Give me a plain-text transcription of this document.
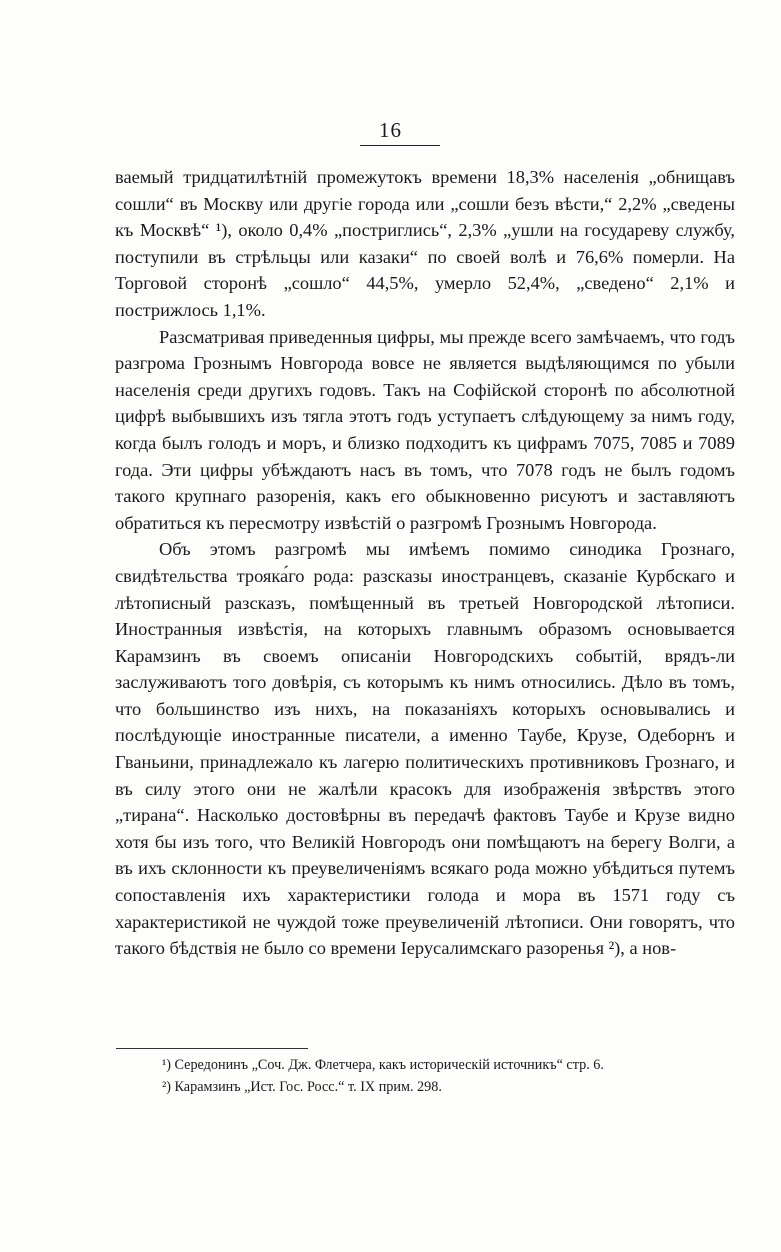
16

ваемый тридцатилѣтній промежутокъ времени 18,3% населенія „обнищавъ сошли“ въ Москву или другіе города или „сошли безъ вѣсти,“ 2,2% „сведены къ Москвѣ“ ¹), около 0,4% „постриглись“, 2,3% „ушли на государеву службу, поступили въ стрѣльцы или казаки“ по своей волѣ и 76,6% померли. На Торговой сторонѣ „сошло“ 44,5%, умерло 52,4%, „сведено“ 2,1% и пострижлось 1,1%.

Разсматривая приведенныя цифры, мы прежде всего замѣчаемъ, что годъ разгрома Грознымъ Новгорода вовсе не является выдѣляющимся по убыли населенія среди другихъ годовъ. Такъ на Софійской сторонѣ по абсолютной цифрѣ выбывшихъ изъ тягла этотъ годъ уступаетъ слѣдующему за нимъ году, когда былъ голодъ и моръ, и близко подходитъ къ цифрамъ 7075, 7085 и 7089 года. Эти цифры убѣждаютъ насъ въ томъ, что 7078 годъ не былъ годомъ такого крупнаго разоренія, какъ его обыкновенно рисуютъ и заставляютъ обратиться къ пересмотру извѣстій о разгромѣ Грознымъ Новгорода.

Объ этомъ разгромѣ мы имѣемъ помимо синодика Грознаго, свидѣтельства трояка́го рода: разсказы иностранцевъ, сказаніе Курбскаго и лѣтописный разсказъ, помѣщенный въ третьей Новгородской лѣтописи. Иностранныя извѣстія, на которыхъ главнымъ образомъ основывается Карамзинъ въ своемъ описаніи Новгородскихъ событій, врядъ-ли заслуживаютъ того довѣрія, съ которымъ къ нимъ относились. Дѣло въ томъ, что большинство изъ нихъ, на показаніяхъ которыхъ основывались и послѣдующіе иностранные писатели, а именно Таубе, Крузе, Одеборнъ и Гваньини, принадлежало къ лагерю политическихъ противниковъ Грознаго, и въ силу этого они не жалѣли красокъ для изображенія звѣрствъ этого „тирана“. Насколько достовѣрны въ передачѣ фактовъ Таубе и Крузе видно хотя бы изъ того, что Великій Новгородъ они помѣщаютъ на берегу Волги, а въ ихъ склонности къ преувеличеніямъ всякаго рода можно убѣдиться путемъ сопоставленія ихъ характеристики голода и мора въ 1571 году съ характеристикой не чуждой тоже преувеличеній лѣтописи. Они говорятъ, что такого бѣдствія не было со времени Іерусалимскаго разоренья ²), а нов-

¹) Середонинъ „Соч. Дж. Флетчера, какъ историческій источникъ“ стр. 6.

²) Карамзинъ „Ист. Гос. Росс.“ т. IX прим. 298.
